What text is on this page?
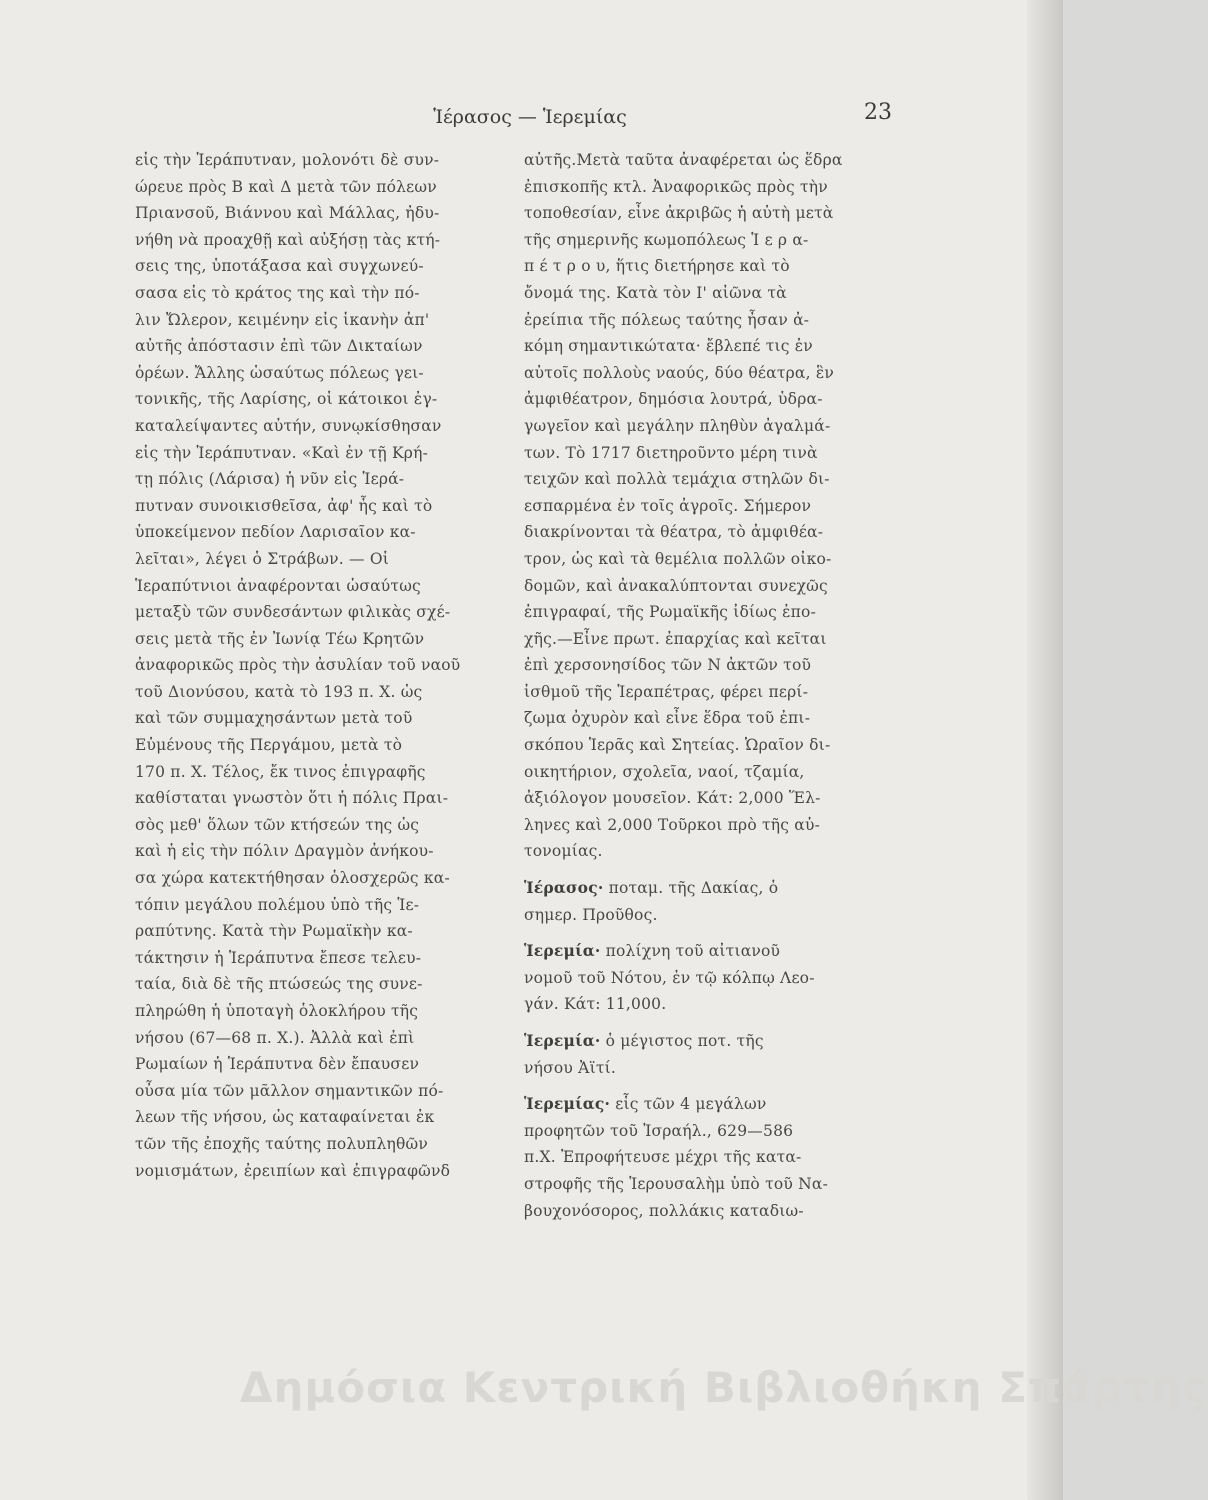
Ἱέρασος — Ἱερεμίας	23
εἰς τὴν Ἱεράπυτναν, μολονότι δὲ συν-
ώρευε πρὸς Β καὶ Δ μετὰ τῶν πόλεων
Πριανσοῦ, Βιάννου καὶ Μάλλας, ἠδυ-
νήθη νὰ προαχθῇ καὶ αὐξήσῃ τὰς κτή-
σεις της, ὑποτάξασα καὶ συγχωνεύ-
σασα εἰς τὸ κράτος της καὶ τὴν πό-
λιν Ὤλερον, κειμένην εἰς ἱκανὴν ἀπ'
αὐτῆς ἀπόστασιν ἐπὶ τῶν Δικταίων
ὀρέων. Ἄλλης ὡσαύτως πόλεως γει-
τονικῆς, τῆς Λαρίσης, οἱ κάτοικοι ἐγ-
καταλείψαντες αὐτήν, συνῳκίσθησαν
εἰς τὴν Ἱεράπυτναν. «Καὶ ἐν τῇ Κρή-
τῃ πόλις (Λάρισα) ἡ νῦν εἰς Ἱερά-
πυτναν συνοικισθεῖσα, ἀφ' ἧς καὶ τὸ
ὑποκείμενον πεδίον Λαρισαῖον κα-
λεῖται», λέγει ὁ Στράβων. — Οἱ
Ἱεραπύτνιοι ἀναφέρονται ὡσαύτως
μεταξὺ τῶν συνδεσάντων φιλικὰς σχέ-
σεις μετὰ τῆς ἐν Ἰωνίᾳ Τέω Κρητῶν
ἀναφορικῶς πρὸς τὴν ἀσυλίαν τοῦ ναοῦ
τοῦ Διονύσου, κατὰ τὸ 193 π. Χ. ὡς
καὶ τῶν συμμαχησάντων μετὰ τοῦ
Εὐμένους τῆς Περγάμου, μετὰ τὸ
170 π. Χ. Τέλος, ἔκ τινος ἐπιγραφῆς
καθίσταται γνωστὸν ὅτι ἡ πόλις Πραι-
σὸς μεθ' ὅλων τῶν κτήσεών της ὡς
καὶ ἡ εἰς τὴν πόλιν Δραγμὸν ἀνήκου-
σα χώρα κατεκτήθησαν ὁλοσχερῶς κα-
τόπιν μεγάλου πολέμου ὑπὸ τῆς Ἱε-
ραπύτνης. Κατὰ τὴν Ρωμαϊκὴν κα-
τάκτησιν ἡ Ἱεράπυτνα ἔπεσε τελευ-
ταία, διὰ δὲ τῆς πτώσεώς της συνε-
πληρώθη ἡ ὑποταγὴ ὁλοκλήρου τῆς
νήσου (67—68 π. Χ.). Ἀλλὰ καὶ ἐπὶ
Ρωμαίων ἡ Ἱεράπυτνα δὲν ἔπαυσεν
οὖσα μία τῶν μᾶλλον σημαντικῶν πό-
λεων τῆς νήσου, ὡς καταφαίνεται ἐκ
τῶν τῆς ἐποχῆς ταύτης πολυπληθῶν
νομισμάτων, ἐρειπίων καὶ ἐπιγραφῶνδ
αὐτῆς.Μετὰ ταῦτα ἀναφέρεται ὡς ἕδρα
ἐπισκοπῆς κτλ. Ἀναφορικῶς πρὸς τὴν
τοποθεσίαν, εἶνε ἀκριβῶς ἡ αὐτὴ μετὰ
τῆς σημερινῆς κωμοπόλεως Ἱ ε ρ α-
π έ τ ρ ο υ, ἥτις διετήρησε καὶ τὸ
ὄνομά της. Κατὰ τὸν Ι' αἰῶνα τὰ
ἐρείπια τῆς πόλεως ταύτης ἦσαν ἀ-
κόμη σημαντικώτατα· ἔβλεπέ τις ἐν
αὐτοῖς πολλοὺς ναούς, δύο θέατρα, ἓν
ἀμφιθέατρον, δημόσια λουτρά, ὑδρα-
γωγεῖον καὶ μεγάλην πληθὺν ἀγαλμά-
των. Τὸ 1717 διετηροῦντο μέρη τινὰ
τειχῶν καὶ πολλὰ τεμάχια στηλῶν δι-
εσπαρμένα ἐν τοῖς ἀγροῖς. Σήμερον
διακρίνονται τὰ θέατρα, τὸ ἀμφιθέα-
τρον, ὡς καὶ τὰ θεμέλια πολλῶν οἰκο-
δομῶν, καὶ ἀνακαλύπτονται συνεχῶς
ἐπιγραφαί, τῆς Ρωμαϊκῆς ἰδίως ἐπο-
χῆς.—Εἶνε πρωτ. ἐπαρχίας καὶ κεῖται
ἐπὶ χερσονησίδος τῶν Ν ἀκτῶν τοῦ
ἰσθμοῦ τῆς Ἱεραπέτρας, φέρει περί-
ζωμα ὀχυρὸν καὶ εἶνε ἕδρα τοῦ ἐπι-
σκόπου Ἱερᾶς καὶ Σητείας. Ὡραῖον δι-
οικητήριον, σχολεῖα, ναοί, τζαμία,
ἀξιόλογον μουσεῖον. Κάτ: 2,000 Ἕλ-
ληνες καὶ 2,000 Τοῦρκοι πρὸ τῆς αὐ-
τονομίας.
Ἱέρασος· ποταμ. τῆς Δακίας, ὁ
σημερ. Προῦθος.
Ἱερεμία· πολίχνη τοῦ αἰτιανοῦ
νομοῦ τοῦ Νότου, ἐν τῷ κόλπῳ Λεο-
γάν. Κάτ: 11,000.
Ἱερεμία· ὁ μέγιστος ποτ. τῆς
νήσου Ἀϊτί.
Ἱερεμίας· εἷς τῶν 4 μεγάλων
προφητῶν τοῦ Ἰσραήλ., 629—586
π.Χ. Ἐπροφήτευσε μέχρι τῆς κατα-
στροφῆς τῆς Ἱερουσαλὴμ ὑπὸ τοῦ Να-
βουχονόσορος, πολλάκις καταδιω-
Δημόσια Κεντρική Βιβλιοθήκη Σπάρτης
